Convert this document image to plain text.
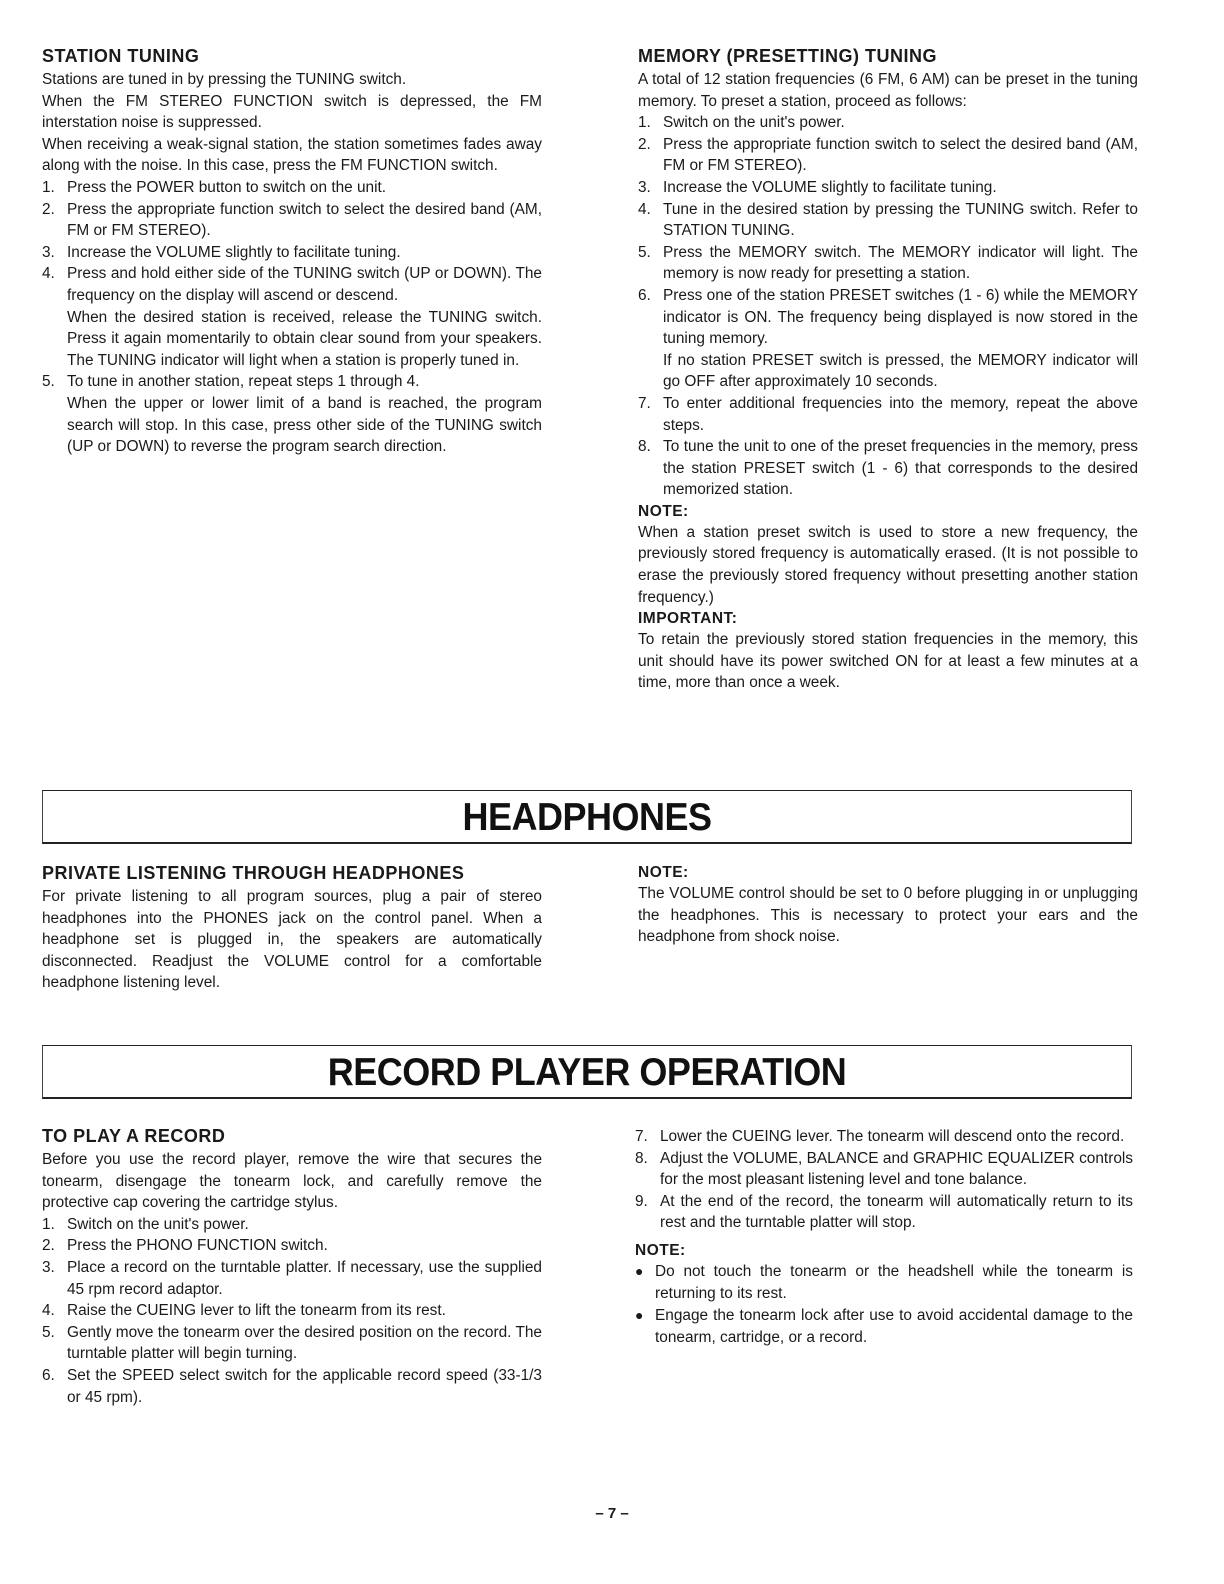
STATION TUNING

Stations are tuned in by pressing the TUNING switch.

When the FM STEREO FUNCTION switch is depressed, the FM interstation noise is suppressed.

When receiving a weak-signal station, the station sometimes fades away along with the noise. In this case, press the FM FUNCTION switch.

1. Press the POWER button to switch on the unit.

2. Press the appropriate function switch to select the desired band (AM, FM or FM STEREO).

3. Increase the VOLUME slightly to facilitate tuning.

4. Press and hold either side of the TUNING switch (UP or DOWN). The frequency on the display will ascend or descend.

When the desired station is received, release the TUNING switch. Press it again momentarily to obtain clear sound from your speakers. The TUNING indicator will light when a station is properly tuned in.

5. To tune in another station, repeat steps 1 through 4.

When the upper or lower limit of a band is reached, the program search will stop. In this case, press other side of the TUNING switch (UP or DOWN) to reverse the program search direction.

MEMORY (PRESETTING) TUNING

A total of 12 station frequencies (6 FM, 6 AM) can be preset in the tuning memory. To preset a station, proceed as follows:

1. Switch on the unit's power.

2. Press the appropriate function switch to select the desired band (AM, FM or FM STEREO).

3. Increase the VOLUME slightly to facilitate tuning.

4. Tune in the desired station by pressing the TUNING switch. Refer to STATION TUNING.

5. Press the MEMORY switch. The MEMORY indicator will light. The memory is now ready for presetting a station.

6. Press one of the station PRESET switches (1 - 6) while the MEMORY indicator is ON. The frequency being displayed is now stored in the tuning memory.

If no station PRESET switch is pressed, the MEMORY indicator will go OFF after approximately 10 seconds.

7. To enter additional frequencies into the memory, repeat the above steps.

8. To tune the unit to one of the preset frequencies in the memory, press the station PRESET switch (1 - 6) that corresponds to the desired memorized station.

NOTE:

When a station preset switch is used to store a new frequency, the previously stored frequency is automatically erased. (It is not possible to erase the previously stored frequency without presetting another station frequency.)

IMPORTANT:

To retain the previously stored station frequencies in the memory, this unit should have its power switched ON for at least a few minutes at a time, more than once a week.

HEADPHONES
PRIVATE LISTENING THROUGH HEADPHONES

For private listening to all program sources, plug a pair of stereo headphones into the PHONES jack on the control panel. When a headphone set is plugged in, the speakers are automatically disconnected. Readjust the VOLUME control for a comfortable headphone listening level.

NOTE:

The VOLUME control should be set to 0 before plugging in or unplugging the headphones. This is necessary to protect your ears and the headphone from shock noise.

RECORD PLAYER OPERATION
TO PLAY A RECORD

Before you use the record player, remove the wire that secures the tonearm, disengage the tonearm lock, and carefully remove the protective cap covering the cartridge stylus.

1. Switch on the unit's power.

2. Press the PHONO FUNCTION switch.

3. Place a record on the turntable platter. If necessary, use the supplied 45 rpm record adaptor.

4. Raise the CUEING lever to lift the tonearm from its rest.

5. Gently move the tonearm over the desired position on the record. The turntable platter will begin turning.

6. Set the SPEED select switch for the applicable record speed (33-1/3 or 45 rpm).

7. Lower the CUEING lever. The tonearm will descend onto the record.

8. Adjust the VOLUME, BALANCE and GRAPHIC EQUALIZER controls for the most pleasant listening level and tone balance.

9. At the end of the record, the tonearm will automatically return to its rest and the turntable platter will stop.

NOTE:
● Do not touch the tonearm or the headshell while the tonearm is returning to its rest.

● Engage the tonearm lock after use to avoid accidental damage to the tonearm, cartridge, or a record.

– 7 –
